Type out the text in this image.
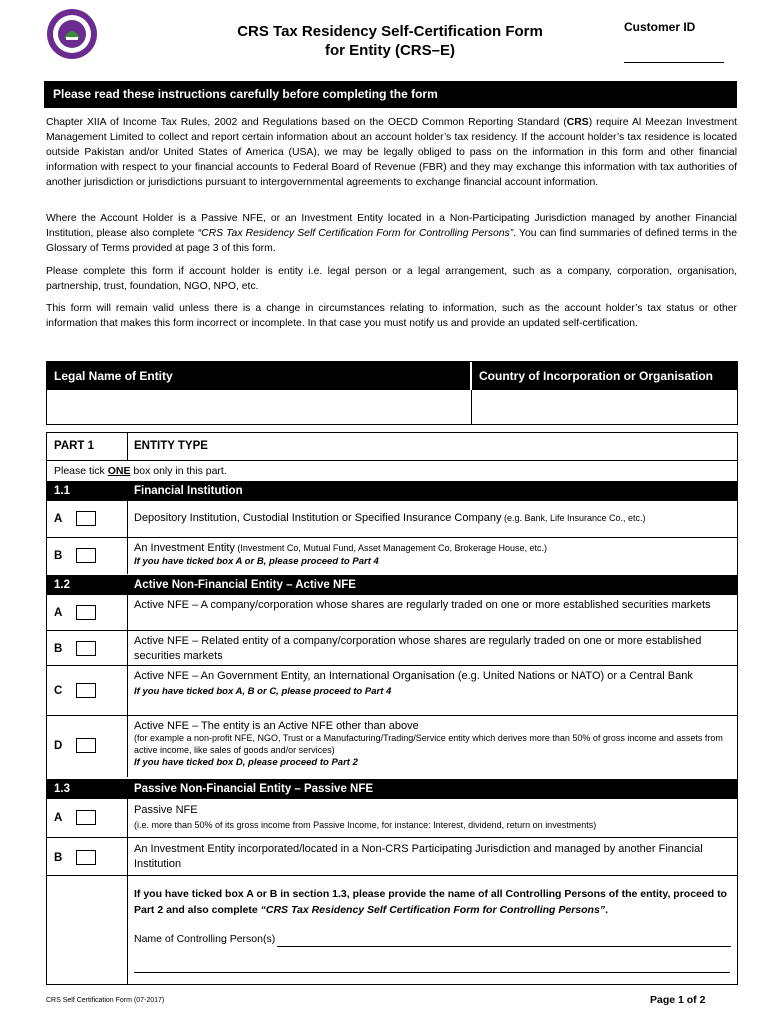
CRS Tax Residency Self-Certification Form
for Entity (CRS–E)
Customer ID
Please read these instructions carefully before completing the form
Chapter XIIA of Income Tax Rules, 2002 and Regulations based on the OECD Common Reporting Standard (CRS) require Al Meezan Investment Management Limited to collect and report certain information about an account holder’s tax residency. If the account holder’s tax residence is located outside Pakistan and/or United States of America (USA), we may be legally obliged to pass on the information in this form and other financial information with respect to your financial accounts to Federal Board of Revenue (FBR) and they may exchange this information with tax authorities of another jurisdiction or jurisdictions pursuant to intergovernmental agreements to exchange financial account information.
Where the Account Holder is a Passive NFE, or an Investment Entity located in a Non-Participating Jurisdiction managed by another Financial Institution, please also complete “CRS Tax Residency Self Certification Form for Controlling Persons”. You can find summaries of defined terms in the Glossary of Terms provided at page 3 of this form.
Please complete this form if account holder is entity i.e. legal person or a legal arrangement, such as a company, corporation, organisation, partnership, trust, foundation, NGO, NPO, etc.
This form will remain valid unless there is a change in circumstances relating to information, such as the account holder’s tax status or other information that makes this form incorrect or incomplete. In that case you must notify us and provide an updated self-certification.
Legal Name of Entity	Country of Incorporation or Organisation
PART 1	ENTITY TYPE
Please tick ONE box only in this part.
1.1	Financial Institution
A	Depository Institution, Custodial Institution or Specified Insurance Company (e.g. Bank, Life Insurance Co., etc.)
B
An Investment Entity (Investment Co, Mutual Fund, Asset Management Co, Brokerage House, etc.)
If you have ticked box A or B, please proceed to Part 4
1.2	Active Non-Financial Entity – Active NFE
A
Active NFE – A company/corporation whose shares are regularly traded on one or more established securities markets
B
Active NFE – Related entity of a company/corporation whose shares are regularly traded on one or more established securities markets
C
Active NFE – An Government Entity, an International Organisation (e.g. United Nations or NATO) or a Central Bank
If you have ticked box A, B or C, please proceed to Part 4
D
Active NFE – The entity is an Active NFE other than above
(for example a non-profit NFE, NGO, Trust or a Manufacturing/Trading/Service entity which derives more than 50% of gross income and assets from active income, like sales of goods and/or services)
If you have ticked box D, please proceed to Part 2
1.3	Passive Non-Financial Entity – Passive NFE
A
Passive NFE
(i.e. more than 50% of its gross income from Passive Income, for instance: Interest, dividend, return on investments)
B
An Investment Entity incorporated/located in a Non-CRS Participating Jurisdiction and managed by another Financial Institution
If you have ticked box A or B in section 1.3, please provide the name of all Controlling Persons of the entity, proceed to Part 2 and also complete “CRS Tax Residency Self Certification Form for Controlling Persons”.
Name of Controlling Person(s)
CRS Self Certification Form (07-2017)	Page 1 of 2
